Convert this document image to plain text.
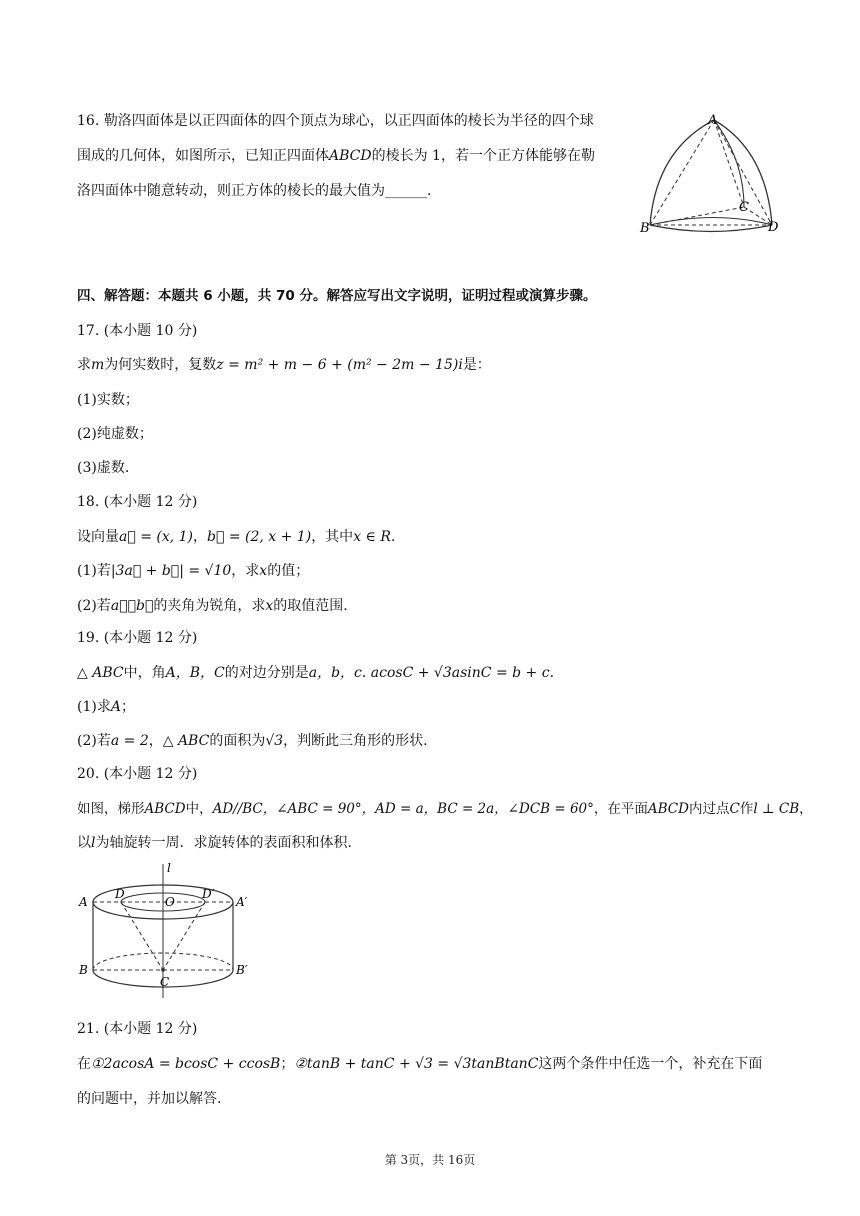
16. 勒洛四面体是以正四面体的四个顶点为球心，以正四面体的棱长为半径的四个球
围成的几何体，如图所示，已知正四面体ABCD的棱长为 1，若一个正方体能够在勒
洛四面体中随意转动，则正方体的棱长的最大值为______.
A
B
C
D
四、解答题：本题共 6 小题，共 70 分。解答应写出文字说明，证明过程或演算步骤。
17. (本小题 10 分)
求m为何实数时，复数z = m² + m − 6 + (m² − 2m − 15)i是：
(1)实数；
(2)纯虚数；
(3)虚数.
18. (本小题 12 分)
设向量a⃗ = (x, 1)，b⃗ = (2, x + 1)，其中x ∈ R.
(1)若|3a⃗ + b⃗| = √10，求x的值；
(2)若a⃗，b⃗的夹角为锐角，求x的取值范围.
19. (本小题 12 分)
△ ABC中，角A，B，C的对边分别是a，b，c. acosC + √3asinC = b + c.
(1)求A；
(2)若a = 2，△ ABC的面积为√3，判断此三角形的形状.
20. (本小题 12 分)
如图，梯形ABCD中，AD//BC，∠ABC = 90°，AD = a，BC = 2a，∠DCB = 60°，在平面ABCD内过点C作l ⊥ CB，
以l为轴旋转一周．求旋转体的表面积和体积.
l
A
D
O
D′
A′
B	B′
C
21. (本小题 12 分)
在①2acosA = bcosC + ccosB；②tanB + tanC + √3 = √3tanBtanC这两个条件中任选一个，补充在下面
的问题中，并加以解答.
第 3页，共 16页
